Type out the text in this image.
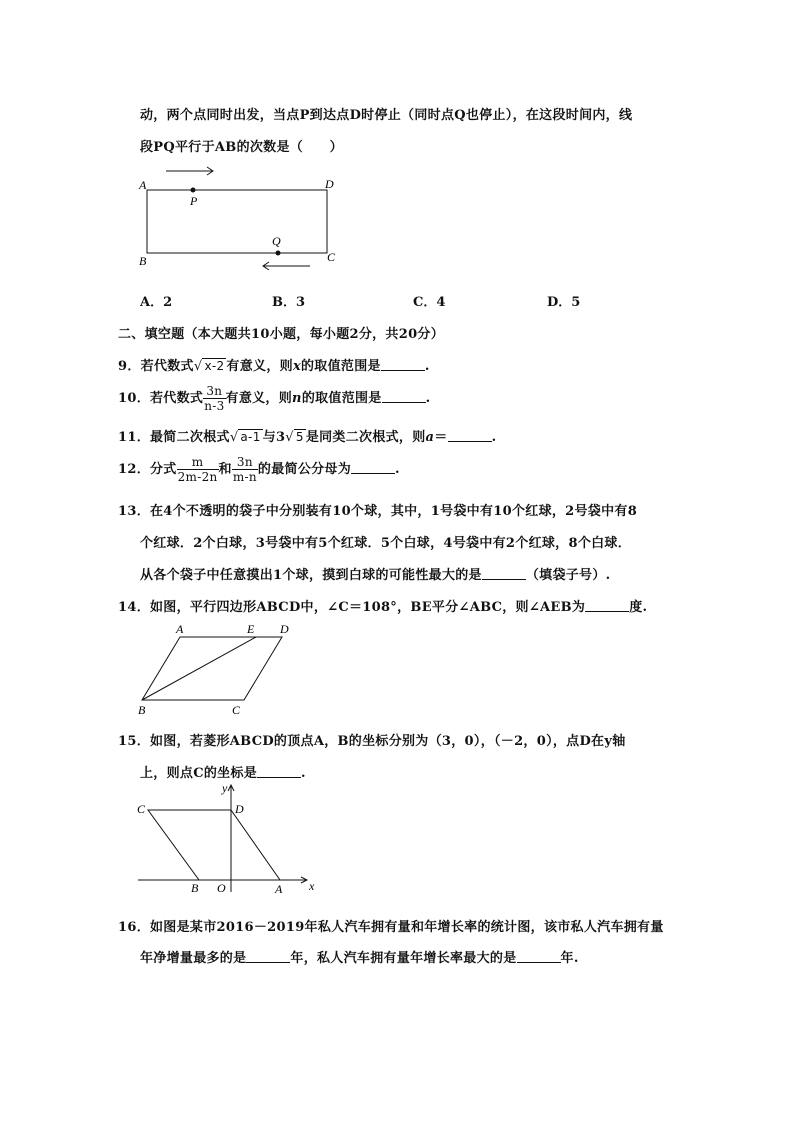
动，两个点同时出发，当点P到达点D时停止（同时点Q也停止），在这段时间内，线
段PQ平行于AB的次数是（　　）
A	D
P
Q
B	C
A．2	B．3	C．4	D．5
二、填空题（本大题共10小题，每小题2分，共20分）
9．若代数式√ x-2 有意义，则x的取值范围是	.
10．若代数式 $\frac{3n}{n-3}$ 有意义，则n的取值范围是	.
11．最简二次根式√ a-1 与3√ 5 是同类二次根式，则a＝	.
12．分式 $\frac{m}{2m-2n}$ 和 $\frac{3n}{m-n}$ 的最简公分母为	.
13．在4个不透明的袋子中分别装有10个球，其中，1号袋中有10个红球，2号袋中有8
个红球．2个白球，3号袋中有5个红球．5个白球，4号袋中有2个红球，8个白球．
从各个袋子中任意摸出1个球，摸到白球的可能性最大的是	（填袋子号）.
14．如图，平行四边形ABCD中，∠C＝108°，BE平分∠ABC，则∠AEB为	度.
A	E D
B	C
15．如图，若菱形ABCD的顶点A，B的坐标分别为（3，0），（－2，0），点D在y轴
上，则点C的坐标是	.
y
C	D
B O	A x
16．如图是某市2016－2019年私人汽车拥有量和年增长率的统计图，该市私人汽车拥有量
年净增量最多的是	年，私人汽车拥有量年增长率最大的是	年.
